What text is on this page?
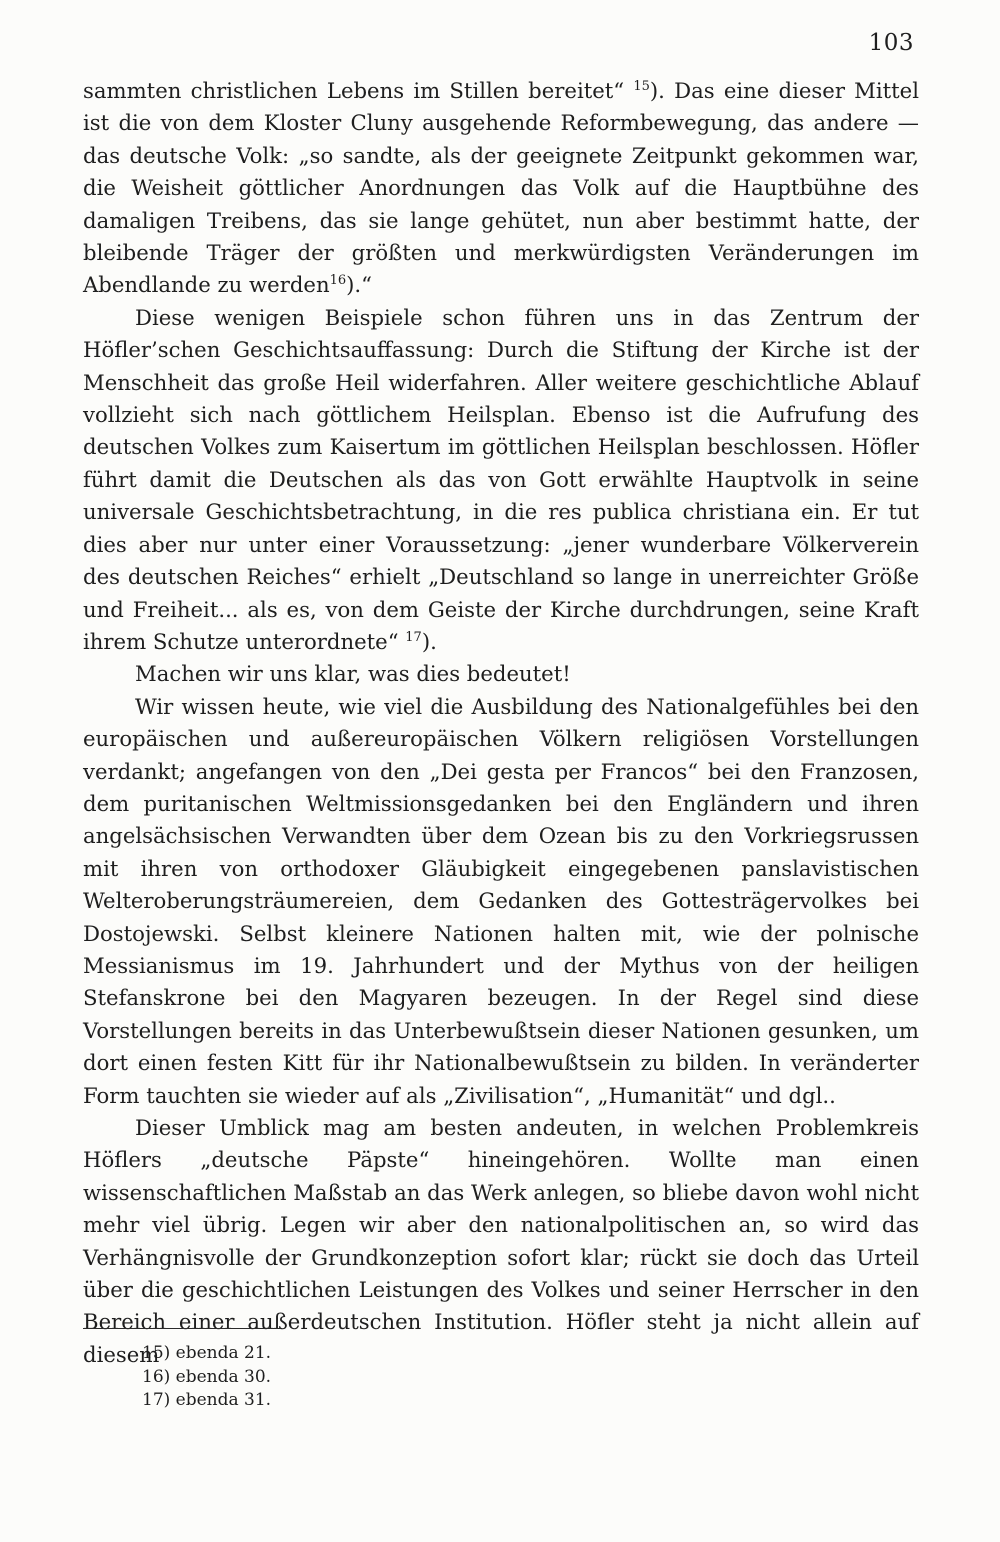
103

sammten christlichen Lebens im Stillen bereitet“ $^{15}$). Das eine dieser Mittel ist die von dem Kloster Cluny ausgehende Reformbewegung, das andere — das deutsche Volk: „so sandte, als der geeignete Zeitpunkt gekommen war, die Weisheit göttlicher Anordnungen das Volk auf die Hauptbühne des damaligen Treibens, das sie lange gehütet, nun aber bestimmt hatte, der bleibende Träger der größten und merkwürdigsten Veränderungen im Abendlande zu werden$^{16}$).“

Diese wenigen Beispiele schon führen uns in das Zentrum der Höfler’schen Geschichtsauffassung: Durch die Stiftung der Kirche ist der Menschheit das große Heil widerfahren. Aller weitere geschichtliche Ablauf vollzieht sich nach göttlichem Heilsplan. Ebenso ist die Aufrufung des deutschen Volkes zum Kaisertum im göttlichen Heilsplan beschlossen. Höfler führt damit die Deutschen als das von Gott erwählte Hauptvolk in seine universale Geschichtsbetrachtung, in die res publica christiana ein. Er tut dies aber nur unter einer Voraussetzung: „jener wunderbare Völkerverein des deutschen Reiches“ erhielt „Deutschland so lange in unerreichter Größe und Freiheit... als es, von dem Geiste der Kirche durchdrungen, seine Kraft ihrem Schutze unterordnete“ $^{17}$).

Machen wir uns klar, was dies bedeutet!

Wir wissen heute, wie viel die Ausbildung des Nationalgefühles bei den europäischen und außereuropäischen Völkern religiösen Vorstellungen verdankt; angefangen von den „Dei gesta per Francos“ bei den Franzosen, dem puritanischen Weltmissionsgedanken bei den Engländern und ihren angelsächsischen Verwandten über dem Ozean bis zu den Vorkriegsrussen mit ihren von orthodoxer Gläubigkeit eingegebenen panslavistischen Welteroberungsträumereien, dem Gedanken des Gottesträgervolkes bei Dostojewski. Selbst kleinere Nationen halten mit, wie der polnische Messianismus im 19. Jahrhundert und der Mythus von der heiligen Stefanskrone bei den Magyaren bezeugen. In der Regel sind diese Vorstellungen bereits in das Unterbewußtsein dieser Nationen gesunken, um dort einen festen Kitt für ihr Nationalbewußtsein zu bilden. In veränderter Form tauchten sie wieder auf als „Zivilisation“, „Humanität“ und dgl..

Dieser Umblick mag am besten andeuten, in welchen Problemkreis Höflers „deutsche Päpste“ hineingehören. Wollte man einen wissenschaftlichen Maßstab an das Werk anlegen, so bliebe davon wohl nicht mehr viel übrig. Legen wir aber den nationalpolitischen an, so wird das Verhängnisvolle der Grundkonzeption sofort klar; rückt sie doch das Urteil über die geschichtlichen Leistungen des Volkes und seiner Herrscher in den Bereich einer außerdeutschen Institution. Höfler steht ja nicht allein auf diesem

15) ebenda 21.
16) ebenda 30.
17) ebenda 31.
